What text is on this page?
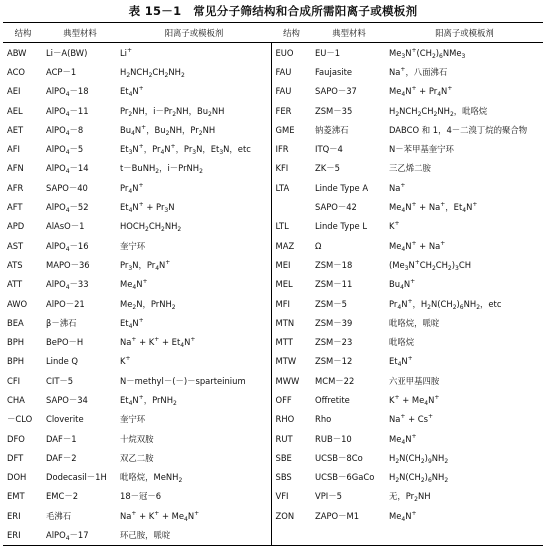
表 15－1　常见分子筛结构和合成所需阳离子或模板剂
结构	典型材料	阳离子或模板剂	结构	典型材料	阳离子或模板剂
ABW	Li－A(BW)	Li+	EUO	EU－1	$Me_3N^+(CH_2)_6NMe_3$
ACO	ACP－1	$H_2NCH_2CH_2NH_2$	FAU	Faujasite	Na+，八面沸石
AEI	AlPO$_4$－18	$Et_4N^+$	FAU	SAPO－37	$Me_4N^+ + Pr_4N^+$
AEL	AlPO$_4$－11	$Pr_2NH$，$i-Pr_2NH$，$Bu_2NH$	FER	ZSM－35	$H_2NCH_2CH_2NH_2$，吡咯烷
AET	AlPO$_4$－8	$Bu_4N^+$，$Bu_2NH$，$Pr_2NH$	GME	钠菱沸石	DABCO 和 1，4－二溴丁烷的聚合物
AFI	AlPO$_4$－5	$Et_3N^+$，$Pr_4N^+$，$Pr_3N$，$Et_3N$，etc	IFR	ITQ－4	N－苯甲基奎宁环
AFN	AlPO$_4$－14	t－BuNH$_2$，i－PrNH$_2$	KFI	ZK－5	三乙烯二胺
AFR	SAPO－40	$Pr_4N^+$	LTA	Linde Type A	Na+
AFT	AlPO$_4$－52	$Et_4N^+ + Pr_3N$		SAPO－42	$Me_4N^+ + Na^+$，$Et_4N^+$
APD	AlAsO－1	$HOCH_2CH_2NH_2$	LTL	Linde Type L	K+
AST	AlPO$_4$－16	奎宁环	MAZ	Ω	$Me_4N^+ + Na^+$
ATS	MAPO－36	$Pr_3N$，$Pr_4N^+$	MEI	ZSM－18	$(Me_3N^+CH_2CH_2)_3CH$
ATT	AlPO$_4$－33	$Me_4N^+$	MEL	ZSM－11	$Bu_4N^+$
AWO	AlPO－21	$Me_2N$，PrNH$_2$	MFI	ZSM－5	$Pr_4N^+$，$H_2N(CH_2)_6NH_2$，etc
BEA	β－沸石	$Et_4N^+$	MTN	ZSM－39	吡咯烷，哌啶
BPH	BePO－H	$Na^+ + K^+ + Et_4N^+$	MTT	ZSM－23	吡咯烷
BPH	Linde Q	K+	MTW	ZSM－12	$Et_4N^+$
CFI	CIT－5	N－methyl－(－)－sparteinium	MWW	MCM－22	六亚甲基四胺
CHA	SAPO－34	$Et_4N^+$，PrNH$_2$	OFF	Offretite	$K^+ + Me_4N^+$
－CLO	Cloverite	奎宁环	RHO	Rho	Na+ + Cs+
DFO	DAF－1	十烷双胺	RUT	RUB－10	$Me_4N^+$
DFT	DAF－2	双乙二胺	SBE	UCSB－8Co	$H_2N(CH_2)_9NH_2$
DOH	Dodecasil－1H	吡咯烷，MeNH$_2$	SBS	UCSB－6GaCo	$H_2N(CH_2)_6NH_2$
EMT	EMC－2	18－冠－6	VFI	VPI－5	无，$Pr_2NH$
ERI	毛沸石	$Na^+ + K^+ + Me_4N^+$	ZON	ZAPO－M1	$Me_4N^+$
ERI	AlPO$_4$－17	环己胺，哌啶			
